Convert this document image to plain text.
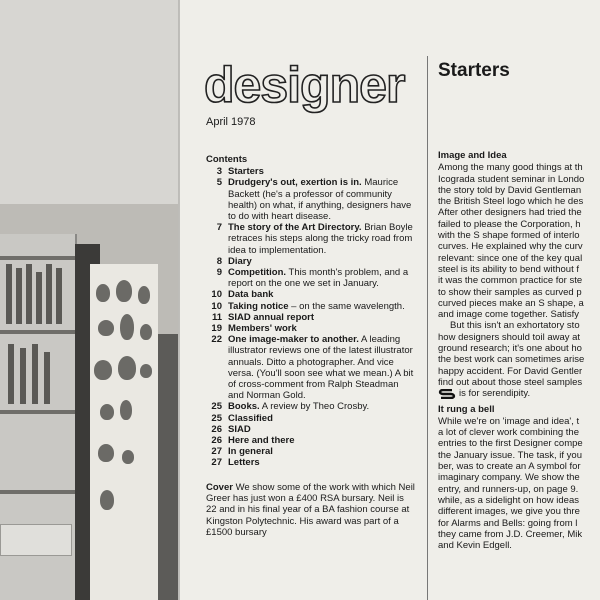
designer
April 1978
Contents
3 Starters
5 Drudgery's out, exertion is in. Maurice Backett (he's a professor of community health) on what, if anything, designers have to do with heart disease.
7 The story of the Art Directory. Brian Boyle retraces his steps along the tricky road from idea to implementation.
8 Diary
9 Competition. This month's problem, and a report on the one we set in January.
10 Data bank
10 Taking notice – on the same wavelength.
11 SIAD annual report
19 Members' work
22 One image-maker to another. A leading illustrator reviews one of the latest illustrator annuals. Ditto a photographer. And vice versa. (You'll soon see what we mean.) A bit of cross-comment from Ralph Steadman and Norman Gold.
25 Books. A review by Theo Crosby.
25 Classified
26 SIAD
26 Here and there
27 In general
27 Letters
Cover We show some of the work with which Neil Greer has just won a £400 RSA bursary. Neil is 22 and in his final year of a BA fashion course at Kingston Polytechnic. His award was part of a £1500 bursary
Starters

Image and Idea

Among the many good things at th
Icograda student seminar in Londo
the story told by David Gentleman
the British Steel logo which he des
After other designers had tried the
failed to please the Corporation, h
with the S shape formed of interlo
curves. He explained why the curv
relevant: since one of the key qual
steel is its ability to bend without f
it was the common practice for ste
to show their samples as curved p
curved pieces make an S shape, a
and image come together. Satisfy
But this isn't an exhortatory sto
how designers should toil away at
ground research; it's one about ho
the best work can sometimes arise
happy accident. For David Gentler
find out about those steel samples
is for serendipity.

It rung a bell

While we're on 'image and idea', t
a lot of clever work combining the
entries to the first Designer compe
the January issue. The task, if you
ber, was to create an A symbol for
imaginary company. We show the
entry, and runners-up, on page 9.
while, as a sidelight on how ideas
different images, we give you thre
for Alarms and Bells: going from l
they came from J.D. Creemer, Mik
and Kevin Edgell.
